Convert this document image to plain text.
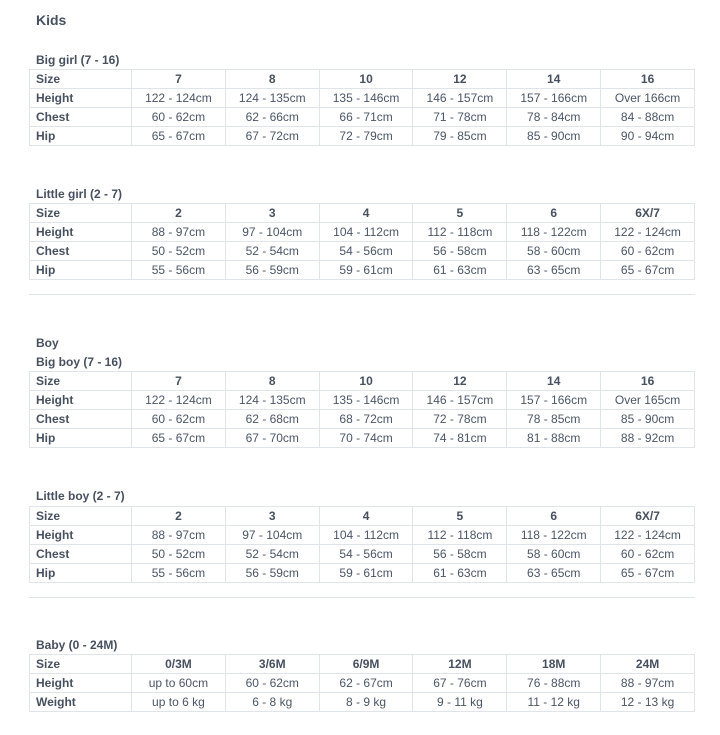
Kids
Big girl (7 - 16)
Size	7	8	10	12	14	16
Height	122 - 124cm	124 - 135cm	135 - 146cm	146 - 157cm	157 - 166cm	Over 166cm
Chest	60 - 62cm	62 - 66cm	66 - 71cm	71 - 78cm	78 - 84cm	84 - 88cm
Hip	65 - 67cm	67 - 72cm	72 - 79cm	79 - 85cm	85 - 90cm	90 - 94cm
Little girl (2 - 7)
Size	2	3	4	5	6	6X/7
Height	88 - 97cm	97 - 104cm	104 - 112cm	112 - 118cm	118 - 122cm	122 - 124cm
Chest	50 - 52cm	52 - 54cm	54 - 56cm	56 - 58cm	58 - 60cm	60 - 62cm
Hip	55 - 56cm	56 - 59cm	59 - 61cm	61 - 63cm	63 - 65cm	65 - 67cm
Boy
Big boy (7 - 16)
Size	7	8	10	12	14	16
Height	122 - 124cm	124 - 135cm	135 - 146cm	146 - 157cm	157 - 166cm	Over 165cm
Chest	60 - 62cm	62 - 68cm	68 - 72cm	72 - 78cm	78 - 85cm	85 - 90cm
Hip	65 - 67cm	67 - 70cm	70 - 74cm	74 - 81cm	81 - 88cm	88 - 92cm
Little boy (2 - 7)
Size	2	3	4	5	6	6X/7
Height	88 - 97cm	97 - 104cm	104 - 112cm	112 - 118cm	118 - 122cm	122 - 124cm
Chest	50 - 52cm	52 - 54cm	54 - 56cm	56 - 58cm	58 - 60cm	60 - 62cm
Hip	55 - 56cm	56 - 59cm	59 - 61cm	61 - 63cm	63 - 65cm	65 - 67cm
Baby (0 - 24M)
Size	0/3M	3/6M	6/9M	12M	18M	24M
Height	up to 60cm	60 - 62cm	62 - 67cm	67 - 76cm	76 - 88cm	88 - 97cm
Weight	up to 6 kg	6 - 8 kg	8 - 9 kg	9 - 11 kg	11 - 12 kg	12 - 13 kg
